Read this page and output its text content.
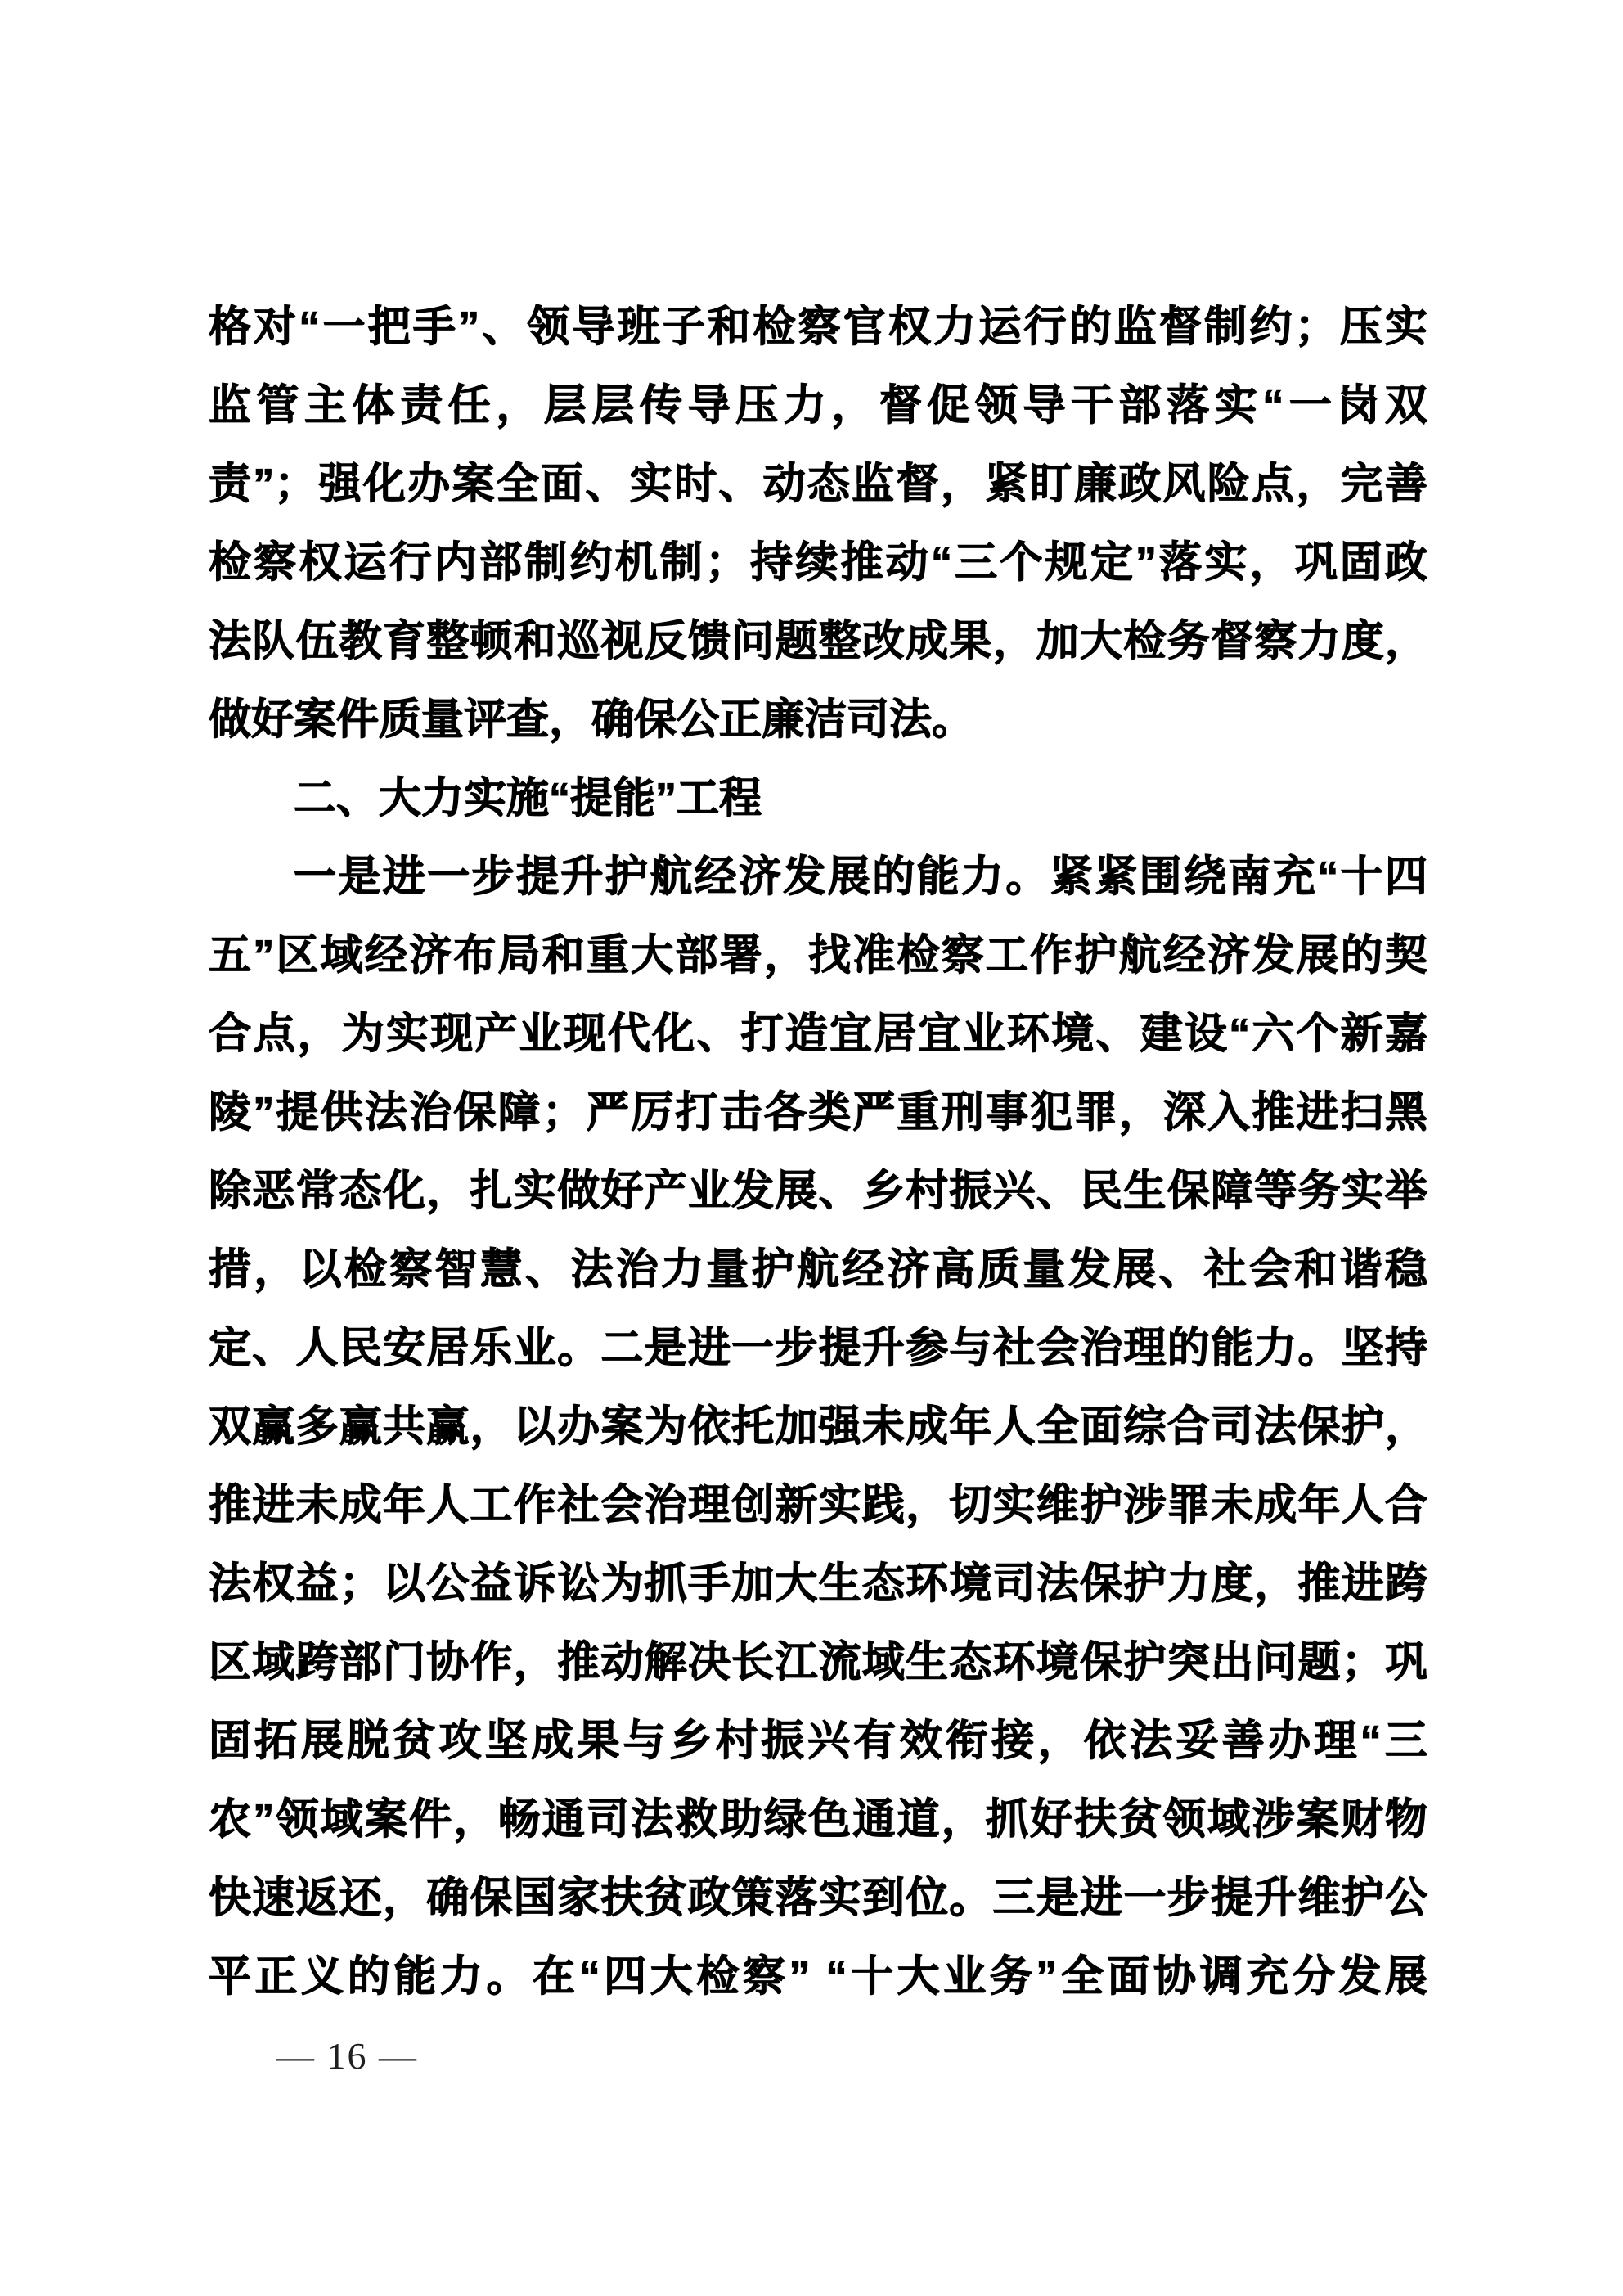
格对“一把手”、领导班子和检察官权力运行的监督制约；压实
监管主体责任，层层传导压力，督促领导干部落实“一岗双
责”；强化办案全面、实时、动态监督，紧盯廉政风险点，完善
检察权运行内部制约机制；持续推动“三个规定”落实，巩固政
法队伍教育整顿和巡视反馈问题整改成果，加大检务督察力度，
做好案件质量评查，确保公正廉洁司法。
二、大力实施“提能”工程
一是进一步提升护航经济发展的能力。紧紧围绕南充“十四
五”区域经济布局和重大部署，找准检察工作护航经济发展的契
合点，为实现产业现代化、打造宜居宜业环境、建设“六个新嘉
陵”提供法治保障；严厉打击各类严重刑事犯罪，深入推进扫黑
除恶常态化，扎实做好产业发展、乡村振兴、民生保障等务实举
措，以检察智慧、法治力量护航经济高质量发展、社会和谐稳
定、人民安居乐业。二是进一步提升参与社会治理的能力。坚持
双赢多赢共赢，以办案为依托加强未成年人全面综合司法保护，
推进未成年人工作社会治理创新实践，切实维护涉罪未成年人合
法权益；以公益诉讼为抓手加大生态环境司法保护力度，推进跨
区域跨部门协作，推动解决长江流域生态环境保护突出问题；巩
固拓展脱贫攻坚成果与乡村振兴有效衔接，依法妥善办理“三
农”领域案件，畅通司法救助绿色通道，抓好扶贫领域涉案财物
快速返还，确保国家扶贫政策落实到位。三是进一步提升维护公
平正义的能力。在“四大检察” “十大业务”全面协调充分发展
— 16 —
